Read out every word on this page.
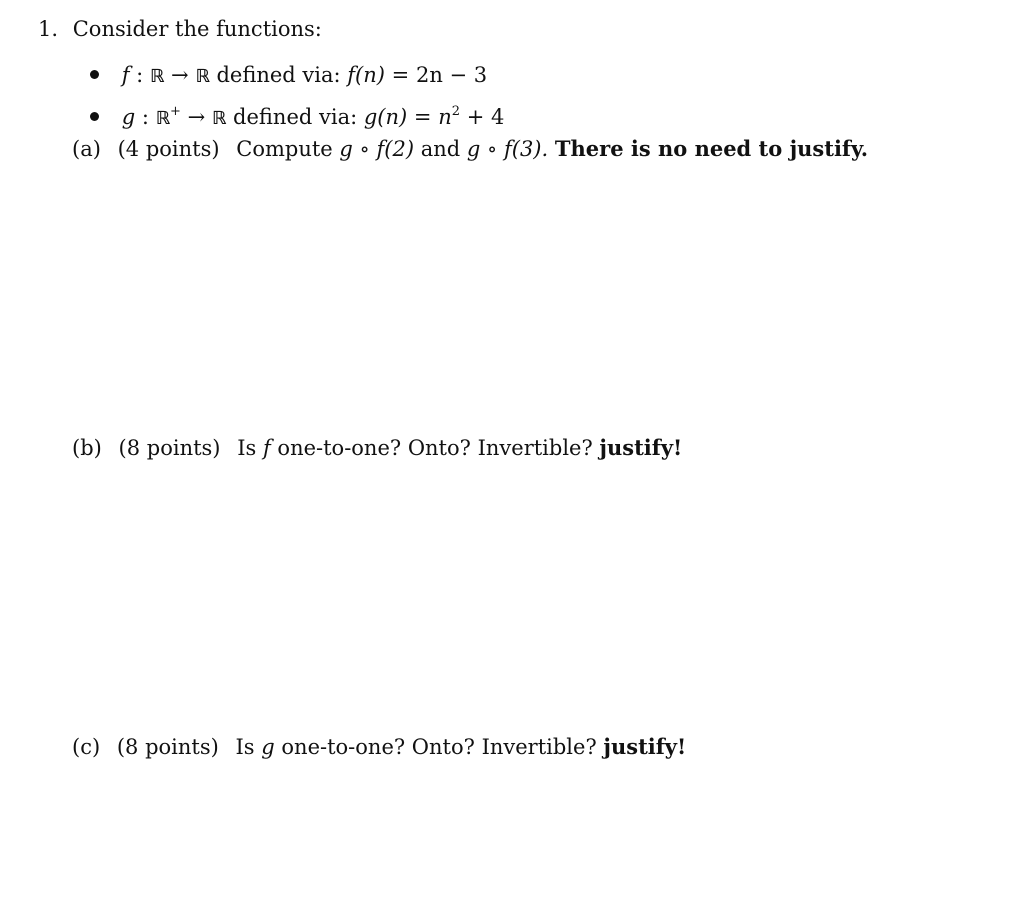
1. Consider the functions:
f : ℝ → ℝ defined via: f(n) = 2n − 3
g : ℝ+ → ℝ defined via: $g(n) = n^2 + 4$
(a) (4 points) Compute g ∘ f(2) and g ∘ f(3). There is no need to justify.
(b) (8 points) Is f one-to-one? Onto? Invertible? justify!
(c) (8 points) Is g one-to-one? Onto? Invertible? justify!
